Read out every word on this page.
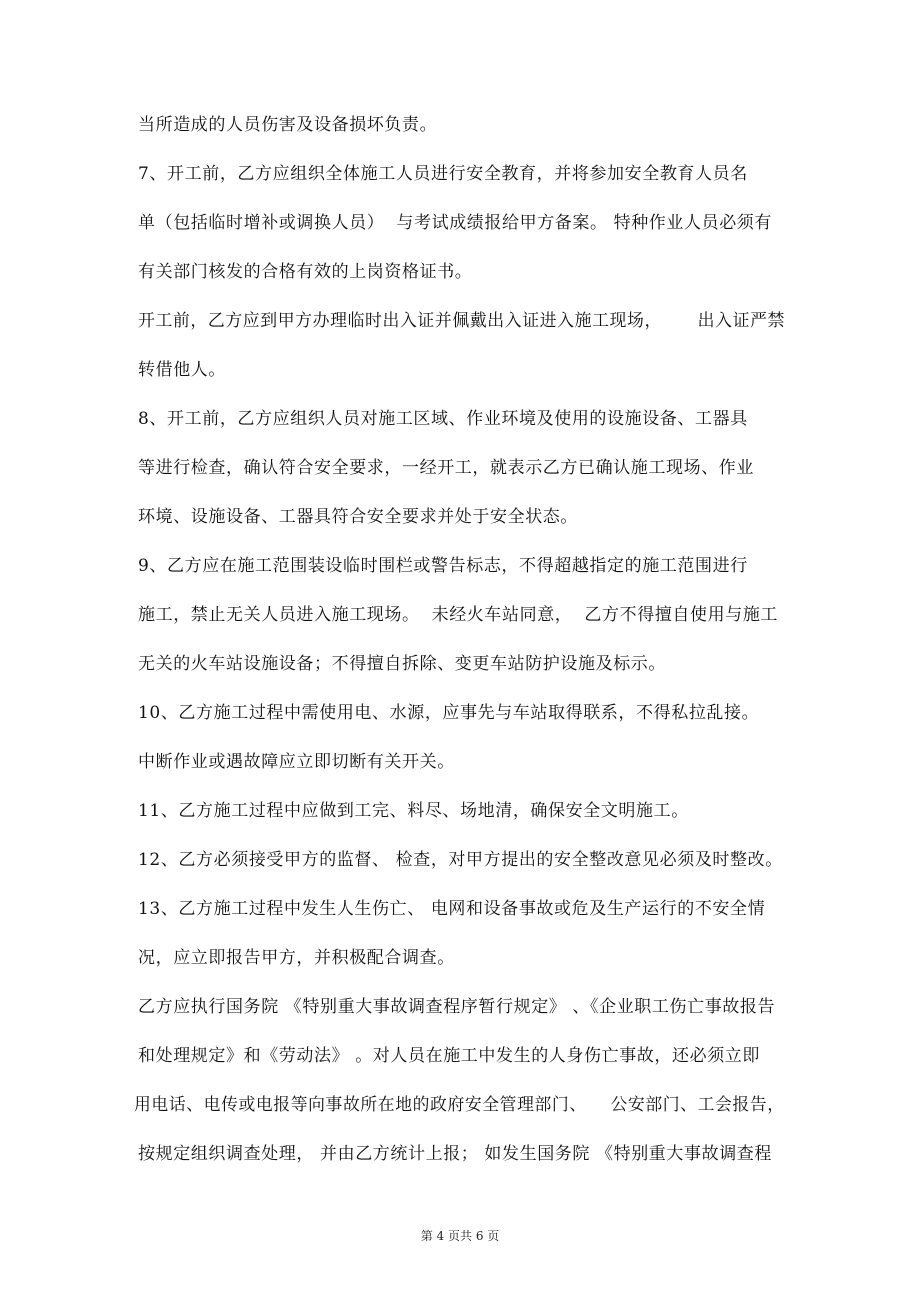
当所造成的人员伤害及设备损坏负责。
7、开工前，乙方应组织全体施工人员进行安全教育，并将参加安全教育人员名
单（包括临时增补或调换人员）  与考试成绩报给甲方备案。 特种作业人员必须有
有关部门核发的合格有效的上岗资格证书。
开工前，乙方应到甲方办理临时出入证并佩戴出入证进入施工现场，      出入证严禁
转借他人。
8、开工前，乙方应组织人员对施工区域、作业环境及使用的设施设备、工器具
等进行检查，确认符合安全要求，一经开工，就表示乙方已确认施工现场、作业
环境、设施设备、工器具符合安全要求并处于安全状态。
9、乙方应在施工范围装设临时围栏或警告标志，不得超越指定的施工范围进行
施工，禁止无关人员进入施工现场。  未经火车站同意，  乙方不得擅自使用与施工
无关的火车站设施设备；不得擅自拆除、变更车站防护设施及标示。
10、乙方施工过程中需使用电、水源，应事先与车站取得联系，不得私拉乱接。
中断作业或遇故障应立即切断有关开关。
11、乙方施工过程中应做到工完、料尽、场地清，确保安全文明施工。
12、乙方必须接受甲方的监督、 检查，对甲方提出的安全整改意见必须及时整改。
13、乙方施工过程中发生人生伤亡、 电网和设备事故或危及生产运行的不安全情
况，应立即报告甲方，并积极配合调查。
乙方应执行国务院 《特别重大事故调查程序暂行规定》 、《企业职工伤亡事故报告
和处理规定》和《劳动法》 。对人员在施工中发生的人身伤亡事故，还必须立即
用电话、电传或电报等向事故所在地的政府安全管理部门、    公安部门、工会报告，
按规定组织调查处理， 并由乙方统计上报； 如发生国务院 《特别重大事故调查程
第 4 页共 6 页
